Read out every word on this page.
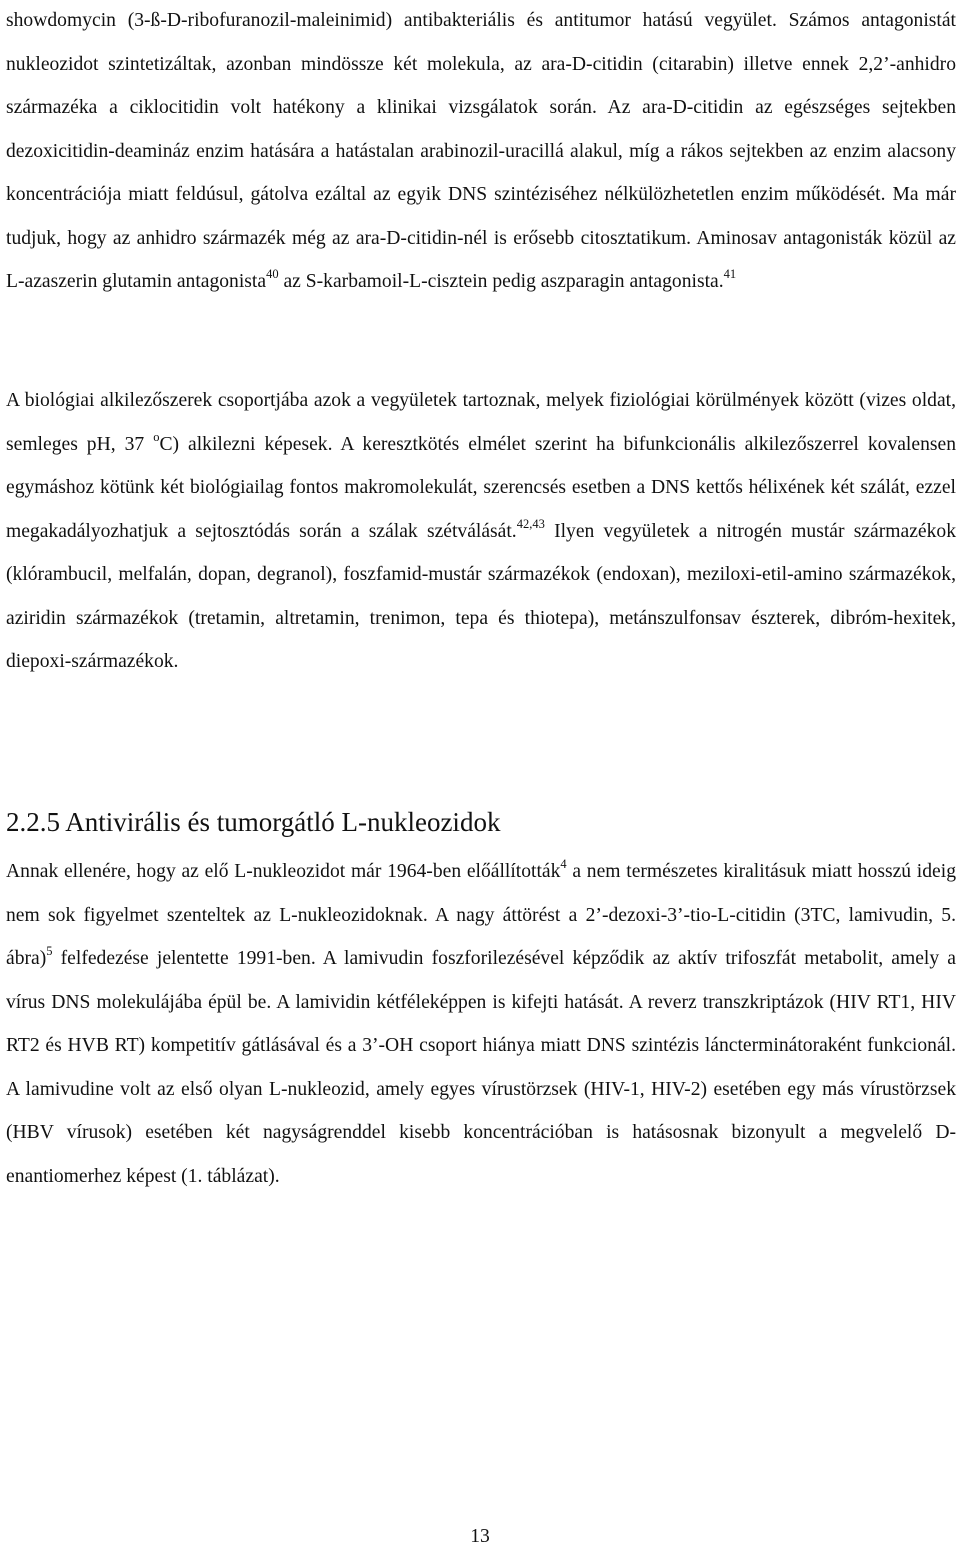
showdomycin (3-ß-D-ribofuranozil-maleinimid) antibakteriális és antitumor hatású vegyület. Számos antagonistát nukleozidot szintetizáltak, azonban mindössze két molekula, az ara-D-citidin (citarabin) illetve ennek 2,2’-anhidro származéka a ciklocitidin volt hatékony a klinikai vizsgálatok során. Az ara-D-citidin az egészséges sejtekben dezoxicitidin-deamináz enzim hatására a hatástalan arabinozil-uracillá alakul, míg a rákos sejtekben az enzim alacsony koncentrációja miatt feldúsul, gátolva ezáltal az egyik DNS szintéziséhez nélkülözhetetlen enzim működését. Ma már tudjuk, hogy az anhidro származék még az ara-D-citidin-nél is erősebb citosztatikum. Aminosav antagonisták közül az L-azaszerin glutamin antagonista$^{40}$ az S-karbamoil-L-cisztein pedig aszparagin antagonista.$^{41}$

A biológiai alkilezőszerek csoportjába azok a vegyületek tartoznak, melyek fiziológiai körülmények között (vizes oldat, semleges pH, 37 $^o$C) alkilezni képesek. A keresztkötés elmélet szerint ha bifunkcionális alkilezőszerrel kovalensen egymáshoz kötünk két biológiailag fontos makromolekulát, szerencsés esetben a DNS kettős hélixének két szálát, ezzel megakadályozhatjuk a sejtosztódás során a szálak szétválását.$^{42,43}$ Ilyen vegyületek a nitrogén mustár származékok (klórambucil, melfalán, dopan, degranol), foszfamid-mustár származékok (endoxan), meziloxi-etil-amino származékok, aziridin származékok (tretamin, altretamin, trenimon, tepa és thiotepa), metánszulfonsav észterek, dibróm-hexitek, diepoxi-származékok.

2.2.5 Antivirális és tumorgátló L-nukleozidok

Annak ellenére, hogy az elő L-nukleozidot már 1964-ben előállították$^4$ a nem természetes kiralitásuk miatt hosszú ideig nem sok figyelmet szenteltek az L-nukleozidoknak. A nagy áttörést a 2’-dezoxi-3’-tio-L-citidin (3TC, lamivudin, 5. ábra)$^5$ felfedezése jelentette 1991-ben. A lamivudin foszforilezésével képződik az aktív trifoszfát metabolit, amely a vírus DNS molekulájába épül be. A lamividin kétféleképpen is kifejti hatását. A reverz transzkriptázok (HIV RT1, HIV RT2 és HVB RT) kompetitív gátlásával és a 3’-OH csoport hiánya miatt DNS szintézis láncterminátoraként funkcionál. A lamivudine volt az első olyan L-nukleozid, amely egyes vírustörzsek (HIV-1, HIV-2) esetében egy más vírustörzsek (HBV vírusok) esetében két nagyságrenddel kisebb koncentrációban is hatásosnak bizonyult a megvelelő D-enantiomerhez képest (1. táblázat).

13
